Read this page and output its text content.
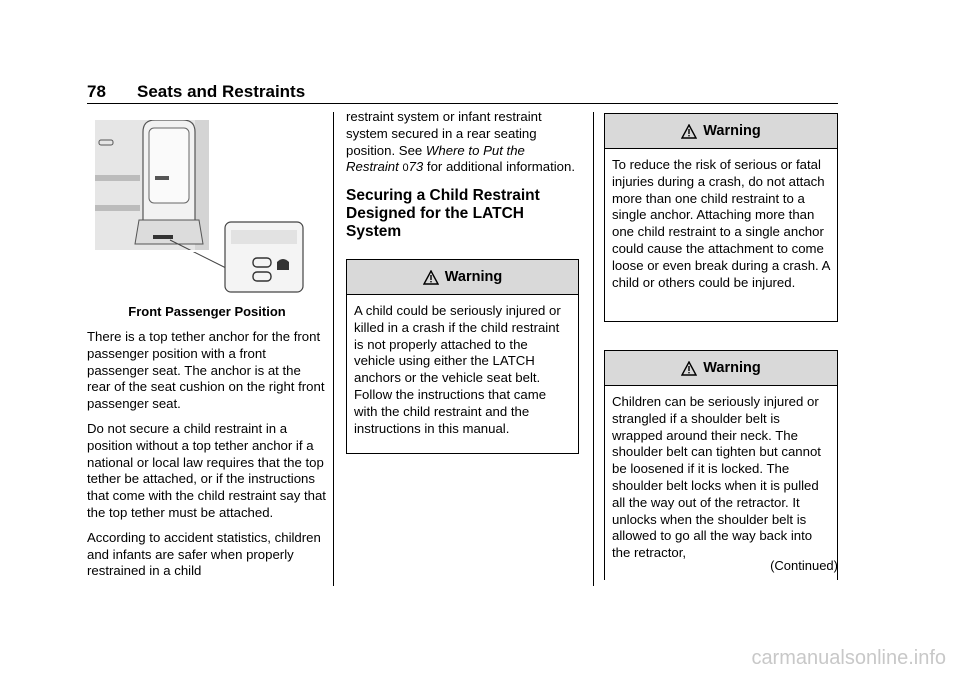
78 Seats and Restraints
Front Passenger Position

There is a top tether anchor for the front passenger position with a front passenger seat. The anchor is at the rear of the seat cushion on the right front passenger seat.

Do not secure a child restraint in a position without a top tether anchor if a national or local law requires that the top tether be attached, or if the instructions that come with the child restraint say that the top tether must be attached.

According to accident statistics, children and infants are safer when properly restrained in a child

restraint system or infant restraint system secured in a rear seating position. See Where to Put the Restraint 073 for additional information.

Securing a Child Restraint Designed for the LATCH System
Warning
A child could be seriously injured or killed in a crash if the child restraint is not properly attached to the vehicle using either the LATCH anchors or the vehicle seat belt. Follow the instructions that came with the child restraint and the instructions in this manual.
Warning
To reduce the risk of serious or fatal injuries during a crash, do not attach more than one child restraint to a single anchor. Attaching more than one child restraint to a single anchor could cause the attachment to come loose or even break during a crash. A child or others could be injured.
Warning
Children can be seriously injured or strangled if a shoulder belt is wrapped around their neck. The shoulder belt can tighten but cannot be loosened if it is locked. The shoulder belt locks when it is pulled all the way out of the retractor. It unlocks when the shoulder belt is allowed to go all the way back into the retractor,
(Continued)
carmanualsonline.info
